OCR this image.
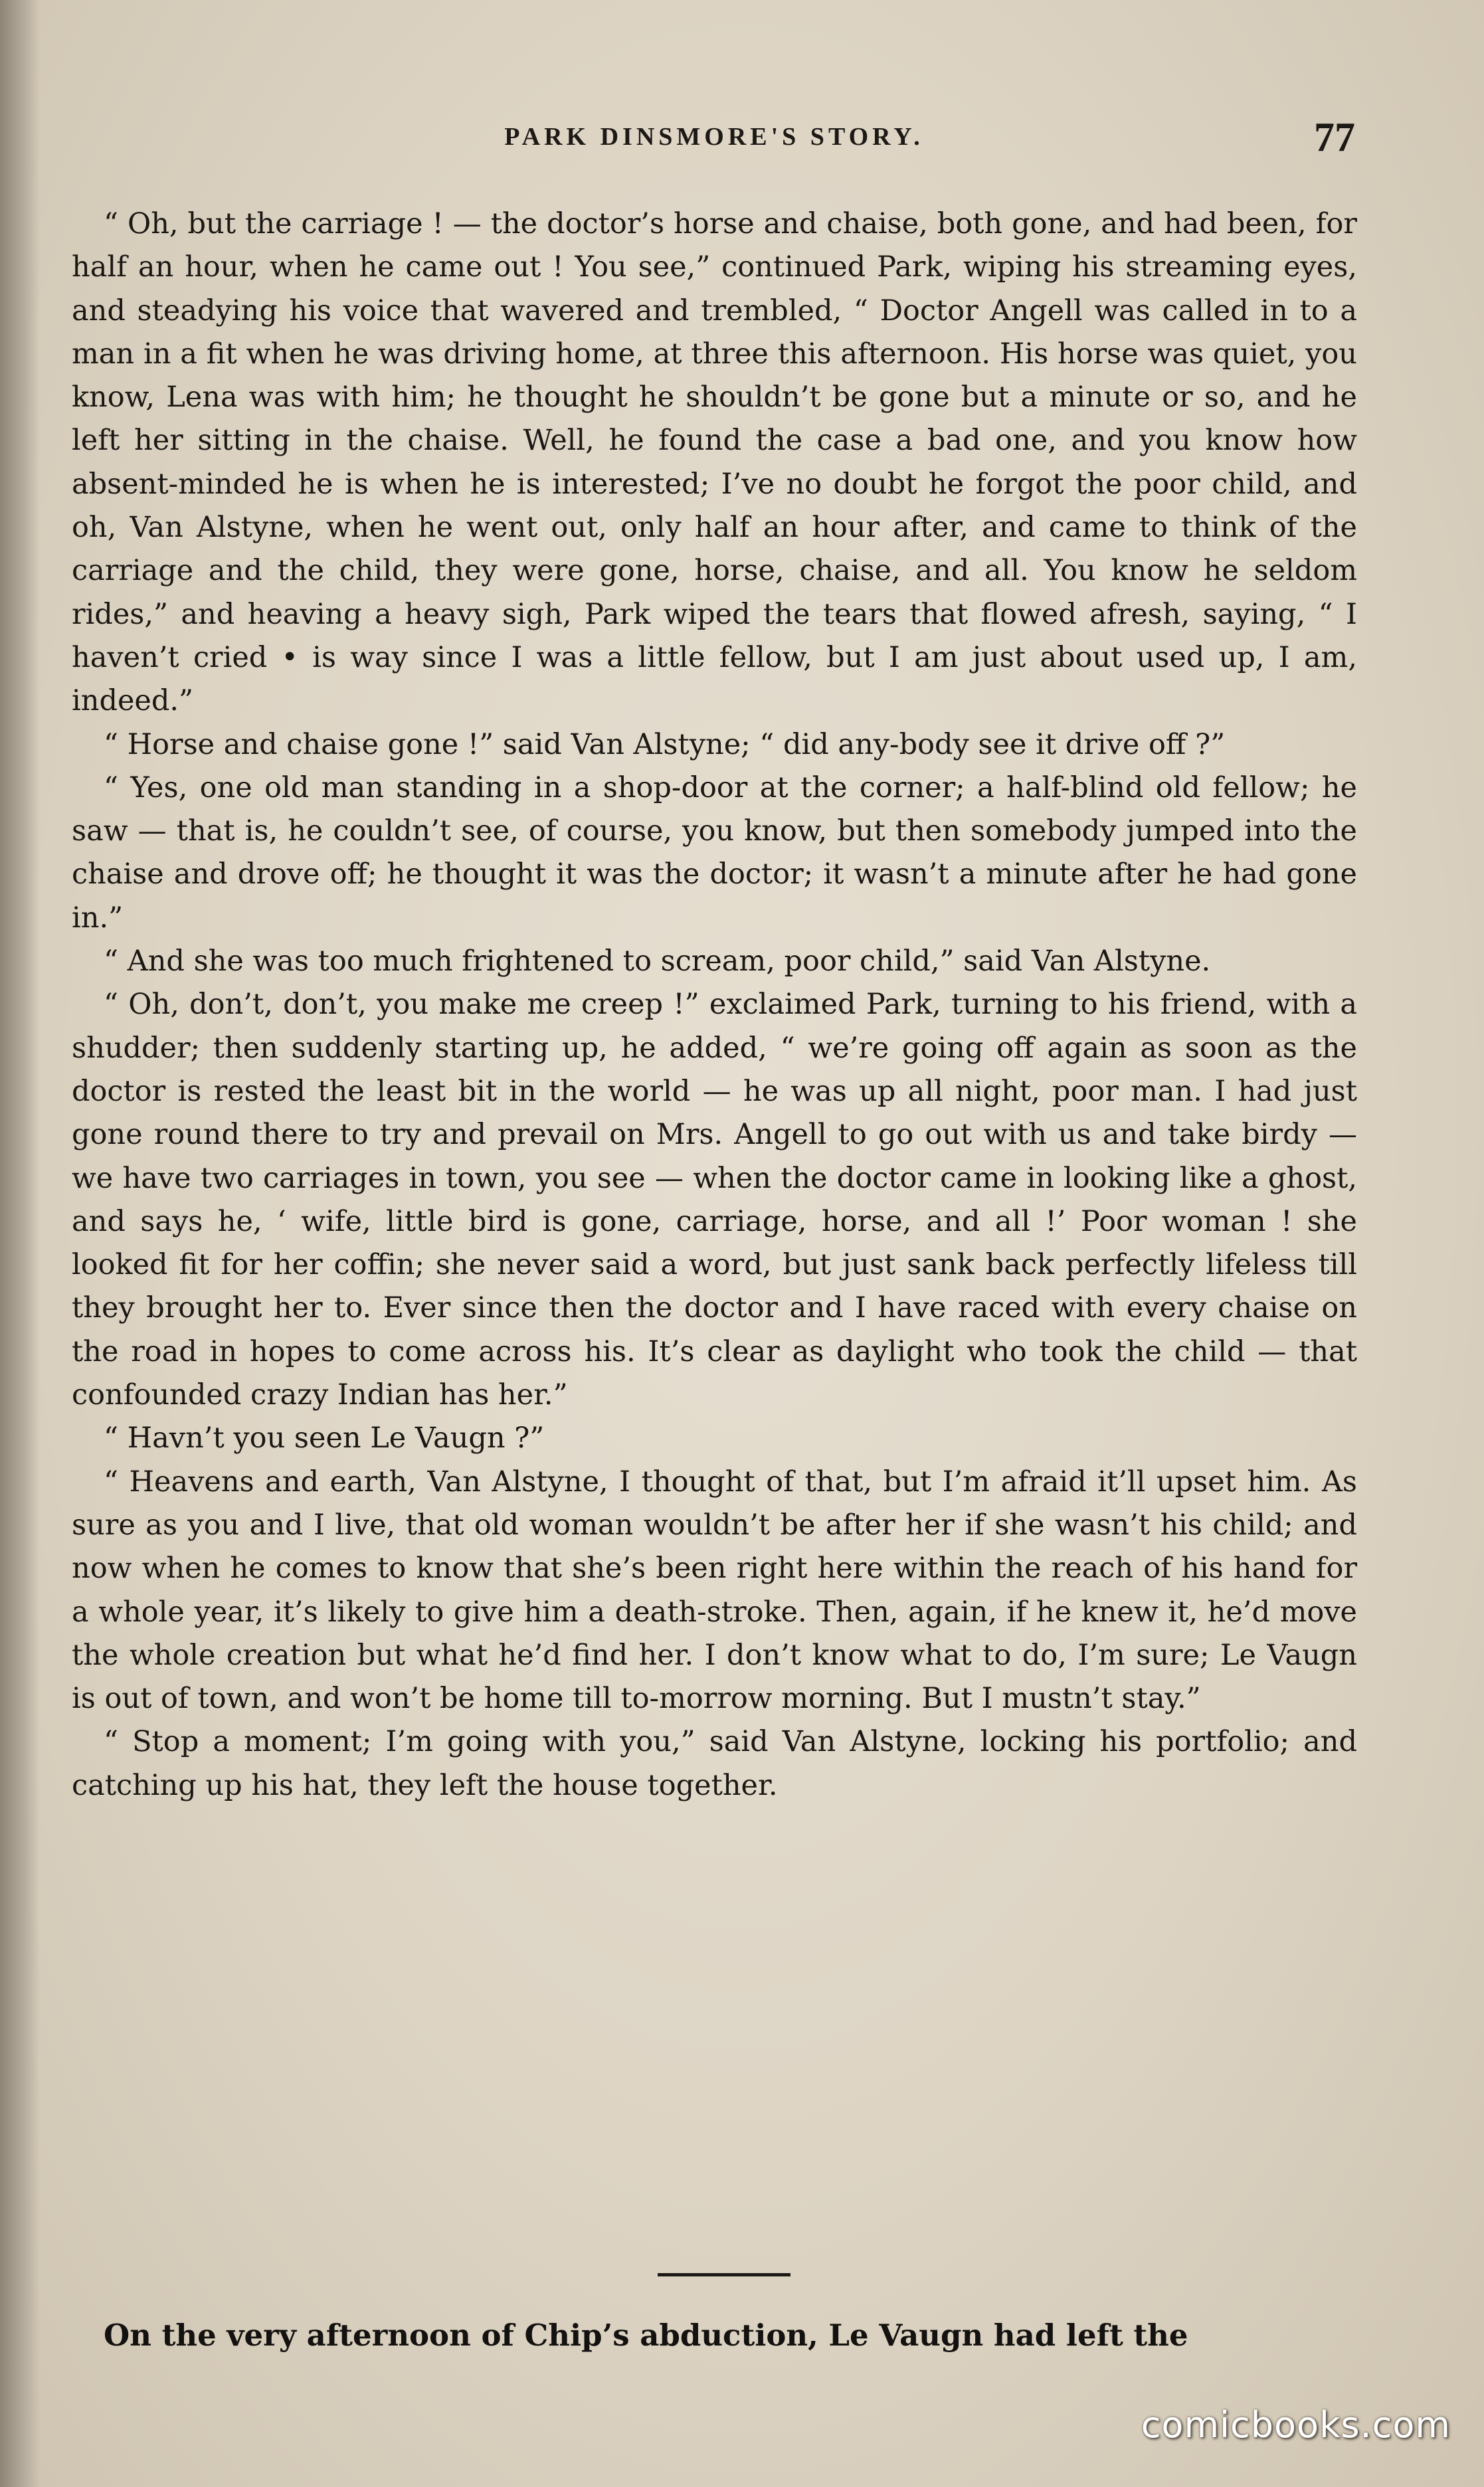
PARK DINSMORE'S STORY.	77

“ Oh, but the carriage ! — the doctor’s horse and chaise, both gone, and had been, for half an hour, when he came out ! You see,” continued Park, wiping his streaming eyes, and steadying his voice that wavered and trembled, “ Doctor Angell was called in to a man in a fit when he was driving home, at three this afternoon. His horse was quiet, you know, Lena was with him; he thought he shouldn’t be gone but a minute or so, and he left her sitting in the chaise. Well, he found the case a bad one, and you know how absent-minded he is when he is interested; I’ve no doubt he forgot the poor child, and oh, Van Alstyne, when he went out, only half an hour after, and came to think of the carriage and the child, they were gone, horse, chaise, and all. You know he seldom rides,” and heaving a heavy sigh, Park wiped the tears that flowed afresh, saying, “ I haven’t cried • is way since I was a little fellow, but I am just about used up, I am, indeed.”

“ Horse and chaise gone !” said Van Alstyne; “ did any-body see it drive off ?”

“ Yes, one old man standing in a shop-door at the corner; a half-blind old fellow; he saw — that is, he couldn’t see, of course, you know, but then somebody jumped into the chaise and drove off; he thought it was the doctor; it wasn’t a minute after he had gone in.”

“ And she was too much frightened to scream, poor child,” said Van Alstyne.

“ Oh, don’t, don’t, you make me creep !” exclaimed Park, turning to his friend, with a shudder; then suddenly starting up, he added, “ we’re going off again as soon as the doctor is rested the least bit in the world — he was up all night, poor man. I had just gone round there to try and prevail on Mrs. Angell to go out with us and take birdy — we have two carriages in town, you see — when the doctor came in looking like a ghost, and says he, ‘ wife, little bird is gone, carriage, horse, and all !’ Poor woman ! she looked fit for her coffin; she never said a word, but just sank back perfectly lifeless till they brought her to. Ever since then the doctor and I have raced with every chaise on the road in hopes to come across his. It’s clear as daylight who took the child — that confounded crazy Indian has her.”

“ Havn’t you seen Le Vaugn ?”

“ Heavens and earth, Van Alstyne, I thought of that, but I’m afraid it’ll upset him. As sure as you and I live, that old woman wouldn’t be after her if she wasn’t his child; and now when he comes to know that she’s been right here within the reach of his hand for a whole year, it’s likely to give him a death-stroke. Then, again, if he knew it, he’d move the whole creation but what he’d find her. I don’t know what to do, I’m sure; Le Vaugn is out of town, and won’t be home till to-morrow morning. But I mustn’t stay.”

“ Stop a moment; I’m going with you,” said Van Alstyne, locking his portfolio; and catching up his hat, they left the house together.

On the very afternoon of Chip’s abduction, Le Vaugn had left the
comicbooks.com
